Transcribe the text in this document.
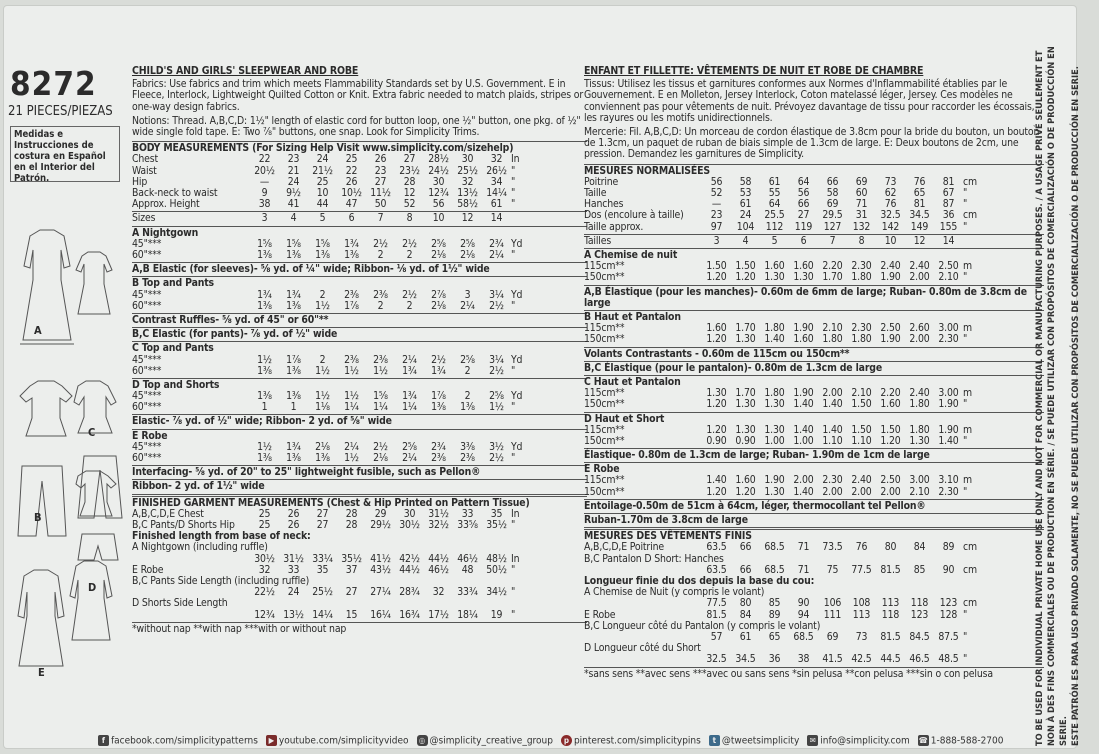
8272
21 PIECES/PIEZAS
Medidas e Instrucciones de costura en Español en el Interior del Patrón.
A
B
C
D
E
CHILD'S AND GIRLS' SLEEPWEAR AND ROBE
Fabrics: Use fabrics and trim which meets Flammability Standards set by U.S. Government. E in Fleece, Interlock, Lightweight Quilted Cotton or Knit. Extra fabric needed to match plaids, stripes or one-way design fabrics.
Notions: Thread. A,B,C,D: 1½" length of elastic cord for button loop, one ½" button, one pkg. of ½" wide single fold tape. E: Two ⅞" buttons, one snap. Look for Simplicity Trims.
BODY MEASUREMENTS (For Sizing Help Visit www.simplicity.com/sizehelp)
Chest	22	23	24	25	26	27	28½	30	32 In
Waist	20½	21	21½	22	23	23½ 24½ 25½ 26½ "
Hip	—	24	25	26	27	28	30	32	34 "
Back-neck to waist	9	9½	10	10½ 11½	12	12¾ 13½ 14¼ "
Approx. Height	38	41	44	47	50	52	56	58½	61 "
Sizes	3	4	5	6	7	8	10	12	14
A Nightgown
45"***	1⅝	1⅝	1⅝	1¾	2½	2½	2⅝	2⅝	2¾ Yd
60"***	1⅜	1⅜	1⅜	1⅜	2	2	2⅛	2⅛	2¼ "
A,B Elastic (for sleeves)- ⅝ yd. of ¼" wide; Ribbon- ⅛ yd. of 1½" wide
B Top and Pants
45"***	1¾	1¾	2	2⅜	2⅜	2½	2⅞	3	3¼ Yd
60"***	1⅜	1⅜	1½	1⅞	2	2	2⅛	2¼	2½ "
Contrast Ruffles- ⅝ yd. of 45" or 60"**
B,C Elastic (for pants)- ⅞ yd. of ½" wide
C Top and Pants
45"***	1½	1⅞	2	2⅜	2⅜	2¼	2½	2⅝	3¼ Yd
60"***	1⅜	1⅜	1½	1½	1½	1¾	1¾	2	2½ "
D Top and Shorts
45"***	1⅜	1⅜	1½	1½	1⅝	1¾	1⅞	2	2⅝ Yd
60"***	1	1	1⅛	1¼	1¼	1¼	1⅜	1⅜	1½ "
Elastic- ⅞ yd. of ½" wide; Ribbon- 2 yd. of ⅝" wide
E Robe
45"***	1½	1¾	2⅛	2¼	2½	2⅝	2¾	3⅜	3½ Yd
60"***	1⅜	1⅜	1⅜	1½	2⅛	2¼	2⅜	2⅜	2½ "
Interfacing- ⅝ yd. of 20" to 25" lightweight fusible, such as Pellon®
Ribbon- 2 yd. of 1½" wide
FINISHED GARMENT MEASUREMENTS (Chest & Hip Printed on Pattern Tissue)
A,B,C,D,E Chest	25	26	27	28	29	30	31½	33	35 In
B,C Pants/D Shorts Hip	25	26	27	28	29½ 30½ 32½ 33⅝ 35½ "
Finished length from base of neck:
A Nightgown (including ruffle)
30½ 31½ 33¼ 35½ 41½ 42½ 44½ 46½ 48½ In
E Robe	32	33	35	37	43½ 44½ 46½	48	50½ "
B,C Pants Side Length (including ruffle)
22½	24	25½	27	27¼ 28¾	32	33¾ 34½ "
D Shorts Side Length
12¾ 13½ 14¼	15	16¼ 16¾ 17½ 18¼	19 "
*without nap **with nap ***with or without nap
ENFANT ET FILLETTE: VÊTEMENTS DE NUIT ET ROBE DE CHAMBRE
Tissus: Utilisez les tissus et garnitures conformes aux Normes d'Inflammabilité établies par le Gouvernement. E en Molleton, Jersey Interlock, Coton matelassé léger, Jersey. Ces modèles ne conviennent pas pour vêtements de nuit. Prévoyez davantage de tissu pour raccorder les écossais, les rayures ou les motifs unidirectionnels.
Mercerie: Fil. A,B,C,D: Un morceau de cordon élastique de 3.8cm pour la bride du bouton, un bouton de 1.3cm, un paquet de ruban de biais simple de 1.3cm de large. E: Deux boutons de 2cm, une pression. Demandez les garnitures de Simplicity.
MESURES NORMALISÉES
Poitrine	56	58	61	64	66	69	73	76	81 cm
Taille	52	53	55	56	58	60	62	65	67 "
Hanches	—	61	64	66	69	71	76	81	87 "
Dos (encolure à taille)	23	24	25.5	27	29.5	31	32.5 34.5	36 cm
Taille approx.	97	104	112	119	127	132	142	149	155 "
Tailles	3	4	5	6	7	8	10	12	14
A Chemise de nuit
115cm**	1.50 1.50 1.60 1.60 2.20 2.30 2.40 2.40 2.50 m
150cm**	1.20 1.20 1.30 1.30 1.70 1.80 1.90 2.00 2.10 "
A,B Élastique (pour les manches)- 0.60m de 6mm de large; Ruban- 0.80m de 3.8cm de large
B Haut et Pantalon
115cm**	1.60 1.70 1.80 1.90 2.10 2.30 2.50 2.60 3.00 m
150cm**	1.20 1.30 1.40 1.60 1.80 1.80 1.90 2.00 2.30 "
Volants Contrastants - 0.60m de 115cm ou 150cm**
B,C Élastique (pour le pantalon)- 0.80m de 1.3cm de large
C Haut et Pantalon
115cm**	1.30 1.70 1.80 1.90 2.00 2.10 2.20 2.40 3.00 m
150cm**	1.20 1.30 1.30 1.40 1.40 1.50 1.60 1.80 1.90 "
D Haut et Short
115cm**	1.20 1.30 1.30 1.40 1.40 1.50 1.50 1.80 1.90 m
150cm**	0.90 0.90 1.00 1.00 1.10 1.10 1.20 1.30 1.40 "
Élastique- 0.80m de 1.3cm de large; Ruban- 1.90m de 1cm de large
E Robe
115cm**	1.40 1.60 1.90 2.00 2.30 2.40 2.50 3.00 3.10 m
150cm**	1.20 1.20 1.30 1.40 2.00 2.00 2.00 2.10 2.30 "
Entoilage-0.50m de 51cm à 64cm, léger, thermocollant tel Pellon®
Ruban-1.70m de 3.8cm de large
MESURES DES VÊTEMENTS FINIS
A,B,C,D,E Poitrine	63.5	66	68.5	71	73.5	76	80	84	89 cm
B,C Pantalon D Short: Hanches
63.5	66	68.5	71	75	77.5 81.5	85	90 cm
Longueur finie du dos depuis la base du cou:
A Chemise de Nuit (y compris le volant)
77.5	80	85	90	106	108	113	118	123 cm
E Robe	81.5	84	89	94	111	113	118	123	128 "
B,C Longueur côté du Pantalon (y compris le volant)
57	61	65	68.5	69	73	81.5 84.5 87.5 "
D Longueur côté du Short
32.5 34.5	36	38	41.5 42.5 44.5 46.5 48.5 "
*sans sens **avec sens ***avec ou sans sens *sin pelusa **con pelusa ***sin o con pelusa	TO BE USED FOR INDIVIDUAL PRIVATE HOME USE ONLY AND NOT FOR COMMERCIAL OR MANUFACTURING PURPOSES. / A USAGE PRIVÉ SEULEMENT ET NON À DES FINS COMMERCIALES OU DE PRODUCTION EN SÉRIE. / SE PUEDE UTILIZAR CON PROPÓSITOS DE COMERCIALIZACIÓN O DE PRODUCCIÓN EN SERIE. ESTE PATRÓN ES PARA USO PRIVADO SOLAMENTE, NO SE PUEDE UTILIZAR CON PROPÓSITOS DE COMERCIALIZACIÓN O DE PRODUCCIÓN EN SERIE.
f facebook.com/simplicitypatterns	▶ youtube.com/simplicityvideo ◎ @simplicity_creative_group	p pinterest.com/simplicitypins	t @tweetsimplicity	✉ info@simplicity.com ☎ 1-888-588-2700
